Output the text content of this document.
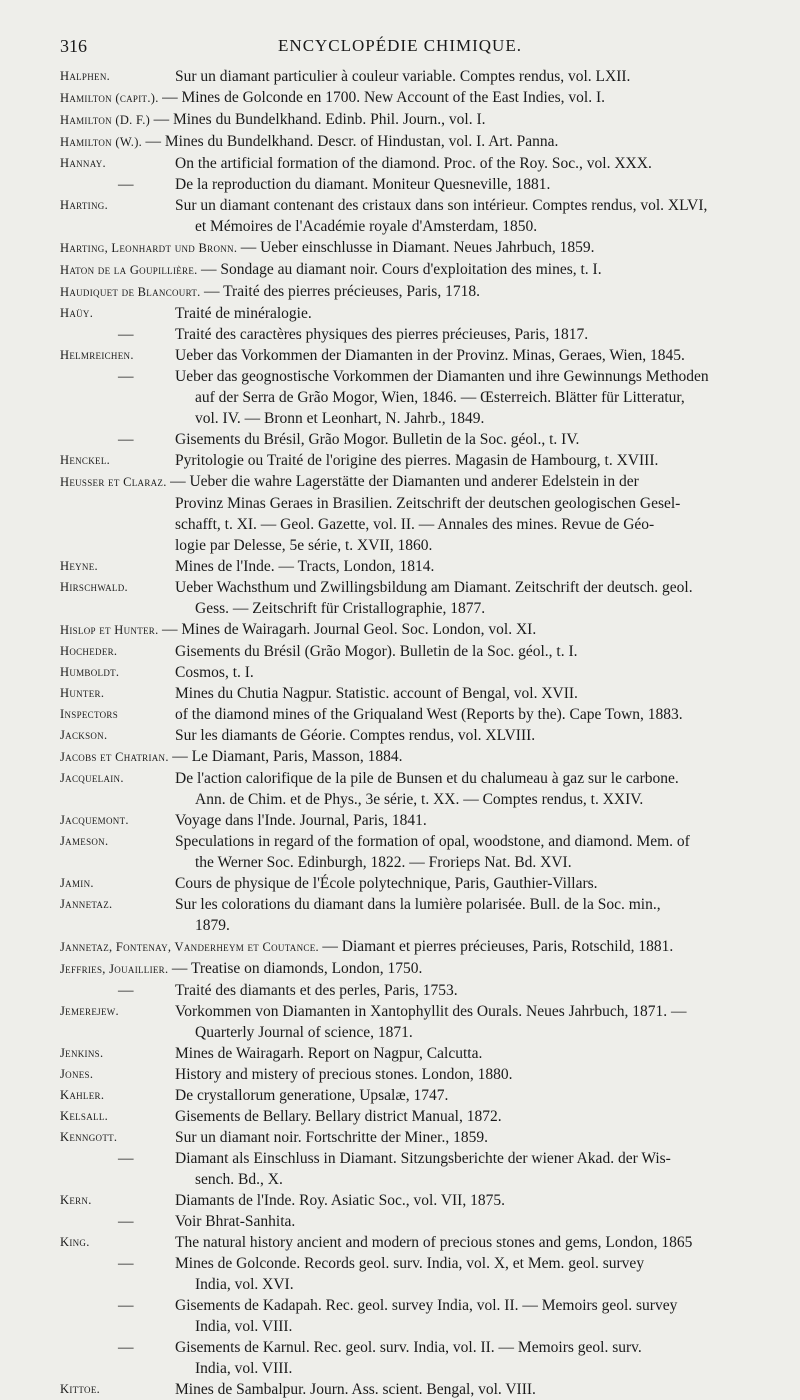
316	ENCYCLOPÉDIE CHIMIQUE.
Halphen.	Sur un diamant particulier à couleur variable. Comptes rendus, vol. LXII.
Hamilton (capit.). — Mines de Golconde en 1700. New Account of the East Indies, vol. I.
Hamilton (D. F.) — Mines du Bundelkhand. Edinb. Phil. Journ., vol. I.
Hamilton (W.). — Mines du Bundelkhand. Descr. of Hindustan, vol. I. Art. Panna.
Hannay.	On the artificial formation of the diamond. Proc. of the Roy. Soc., vol. XXX.
—	De la reproduction du diamant. Moniteur Quesneville, 1881.
Harting.	Sur un diamant contenant des cristaux dans son intérieur. Comptes rendus, vol. XLVI,
et Mémoires de l'Académie royale d'Amsterdam, 1850.
Harting, Leonhardt und Bronn. — Ueber einschlusse in Diamant. Neues Jahrbuch, 1859.
Haton de la Goupillière. — Sondage au diamant noir. Cours d'exploitation des mines, t. I.
Haudiquet de Blancourt. — Traité des pierres précieuses, Paris, 1718.
Haüy.	Traité de minéralogie.
—	Traité des caractères physiques des pierres précieuses, Paris, 1817.
Helmreichen.	Ueber das Vorkommen der Diamanten in der Provinz. Minas, Geraes, Wien, 1845.
—	Ueber das geognostische Vorkommen der Diamanten und ihre Gewinnungs Methoden
auf der Serra de Grão Mogor, Wien, 1846. — Œsterreich. Blätter für Litteratur,
vol. IV. — Bronn et Leonhart, N. Jahrb., 1849.
—	Gisements du Brésil, Grão Mogor. Bulletin de la Soc. géol., t. IV.
Henckel.	Pyritologie ou Traité de l'origine des pierres. Magasin de Hambourg, t. XVIII.
Heusser et Claraz. — Ueber die wahre Lagerstätte der Diamanten und anderer Edelstein in der
Provinz Minas Geraes in Brasilien. Zeitschrift der deutschen geologischen Gesel-
schafft, t. XI. — Geol. Gazette, vol. II. — Annales des mines. Revue de Géo-
logie par Delesse, 5e série, t. XVII, 1860.
Heyne.	Mines de l'Inde. — Tracts, London, 1814.
Hirschwald.	Ueber Wachsthum und Zwillingsbildung am Diamant. Zeitschrift der deutsch. geol.
Gess. — Zeitschrift für Cristallographie, 1877.
Hislop et Hunter. — Mines de Wairagarh. Journal Geol. Soc. London, vol. XI.
Hocheder.	Gisements du Brésil (Grão Mogor). Bulletin de la Soc. géol., t. I.
Humboldt.	Cosmos, t. I.
Hunter.	Mines du Chutia Nagpur. Statistic. account of Bengal, vol. XVII.
Inspectors	of the diamond mines of the Griqualand West (Reports by the). Cape Town, 1883.
Jackson.	Sur les diamants de Géorie. Comptes rendus, vol. XLVIII.
Jacobs et Chatrian. — Le Diamant, Paris, Masson, 1884.
Jacquelain.	De l'action calorifique de la pile de Bunsen et du chalumeau à gaz sur le carbone.
Ann. de Chim. et de Phys., 3e série, t. XX. — Comptes rendus, t. XXIV.
Jacquemont.	Voyage dans l'Inde. Journal, Paris, 1841.
Jameson.	Speculations in regard of the formation of opal, woodstone, and diamond. Mem. of
the Werner Soc. Edinburgh, 1822. — Frorieps Nat. Bd. XVI.
Jamin.	Cours de physique de l'École polytechnique, Paris, Gauthier-Villars.
Jannetaz.	Sur les colorations du diamant dans la lumière polarisée. Bull. de la Soc. min.,
1879.
Jannetaz, Fontenay, Vanderheym et Coutance. — Diamant et pierres précieuses, Paris, Rotschild, 1881.
Jeffries, Jouaillier. — Treatise on diamonds, London, 1750.
—	Traité des diamants et des perles, Paris, 1753.
Jemerejew.	Vorkommen von Diamanten in Xantophyllit des Ourals. Neues Jahrbuch, 1871. —
Quarterly Journal of science, 1871.
Jenkins.	Mines de Wairagarh. Report on Nagpur, Calcutta.
Jones.	History and mistery of precious stones. London, 1880.
Kahler.	De crystallorum generatione, Upsalæ, 1747.
Kelsall.	Gisements de Bellary. Bellary district Manual, 1872.
Kenngott.	Sur un diamant noir. Fortschritte der Miner., 1859.
—	Diamant als Einschluss in Diamant. Sitzungsberichte der wiener Akad. der Wis-
sench. Bd., X.
Kern.	Diamants de l'Inde. Roy. Asiatic Soc., vol. VII, 1875.
—	Voir Bhrat-Sanhita.
King.	The natural history ancient and modern of precious stones and gems, London, 1865
—	Mines de Golconde. Records geol. surv. India, vol. X, et Mem. geol. survey
India, vol. XVI.
—	Gisements de Kadapah. Rec. geol. survey India, vol. II. — Memoirs geol. survey
India, vol. VIII.
—	Gisements de Karnul. Rec. geol. surv. India, vol. II. — Memoirs geol. surv.
India, vol. VIII.
Kittoe.	Mines de Sambalpur. Journ. Ass. scient. Bengal, vol. VIII.
